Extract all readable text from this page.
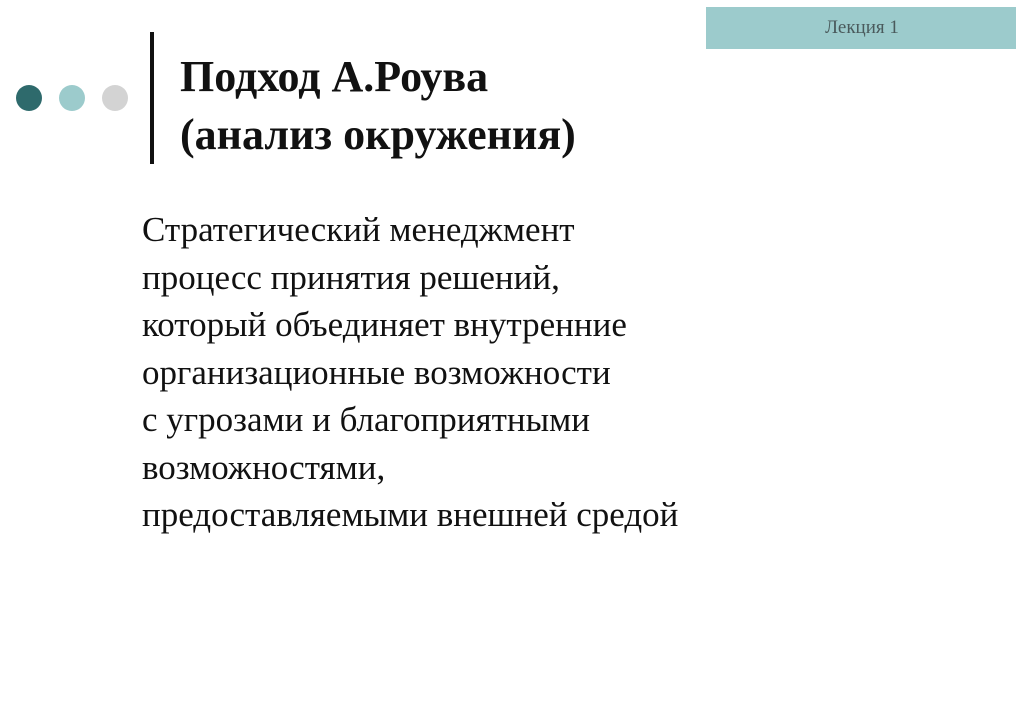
Лекция 1
Подход А.Роува
(анализ окружения)
Стратегический менеджмент
процесс принятия решений,
который объединяет внутренние
организационные возможности
с угрозами и благоприятными
возможностями,
предоставляемыми внешней средой
